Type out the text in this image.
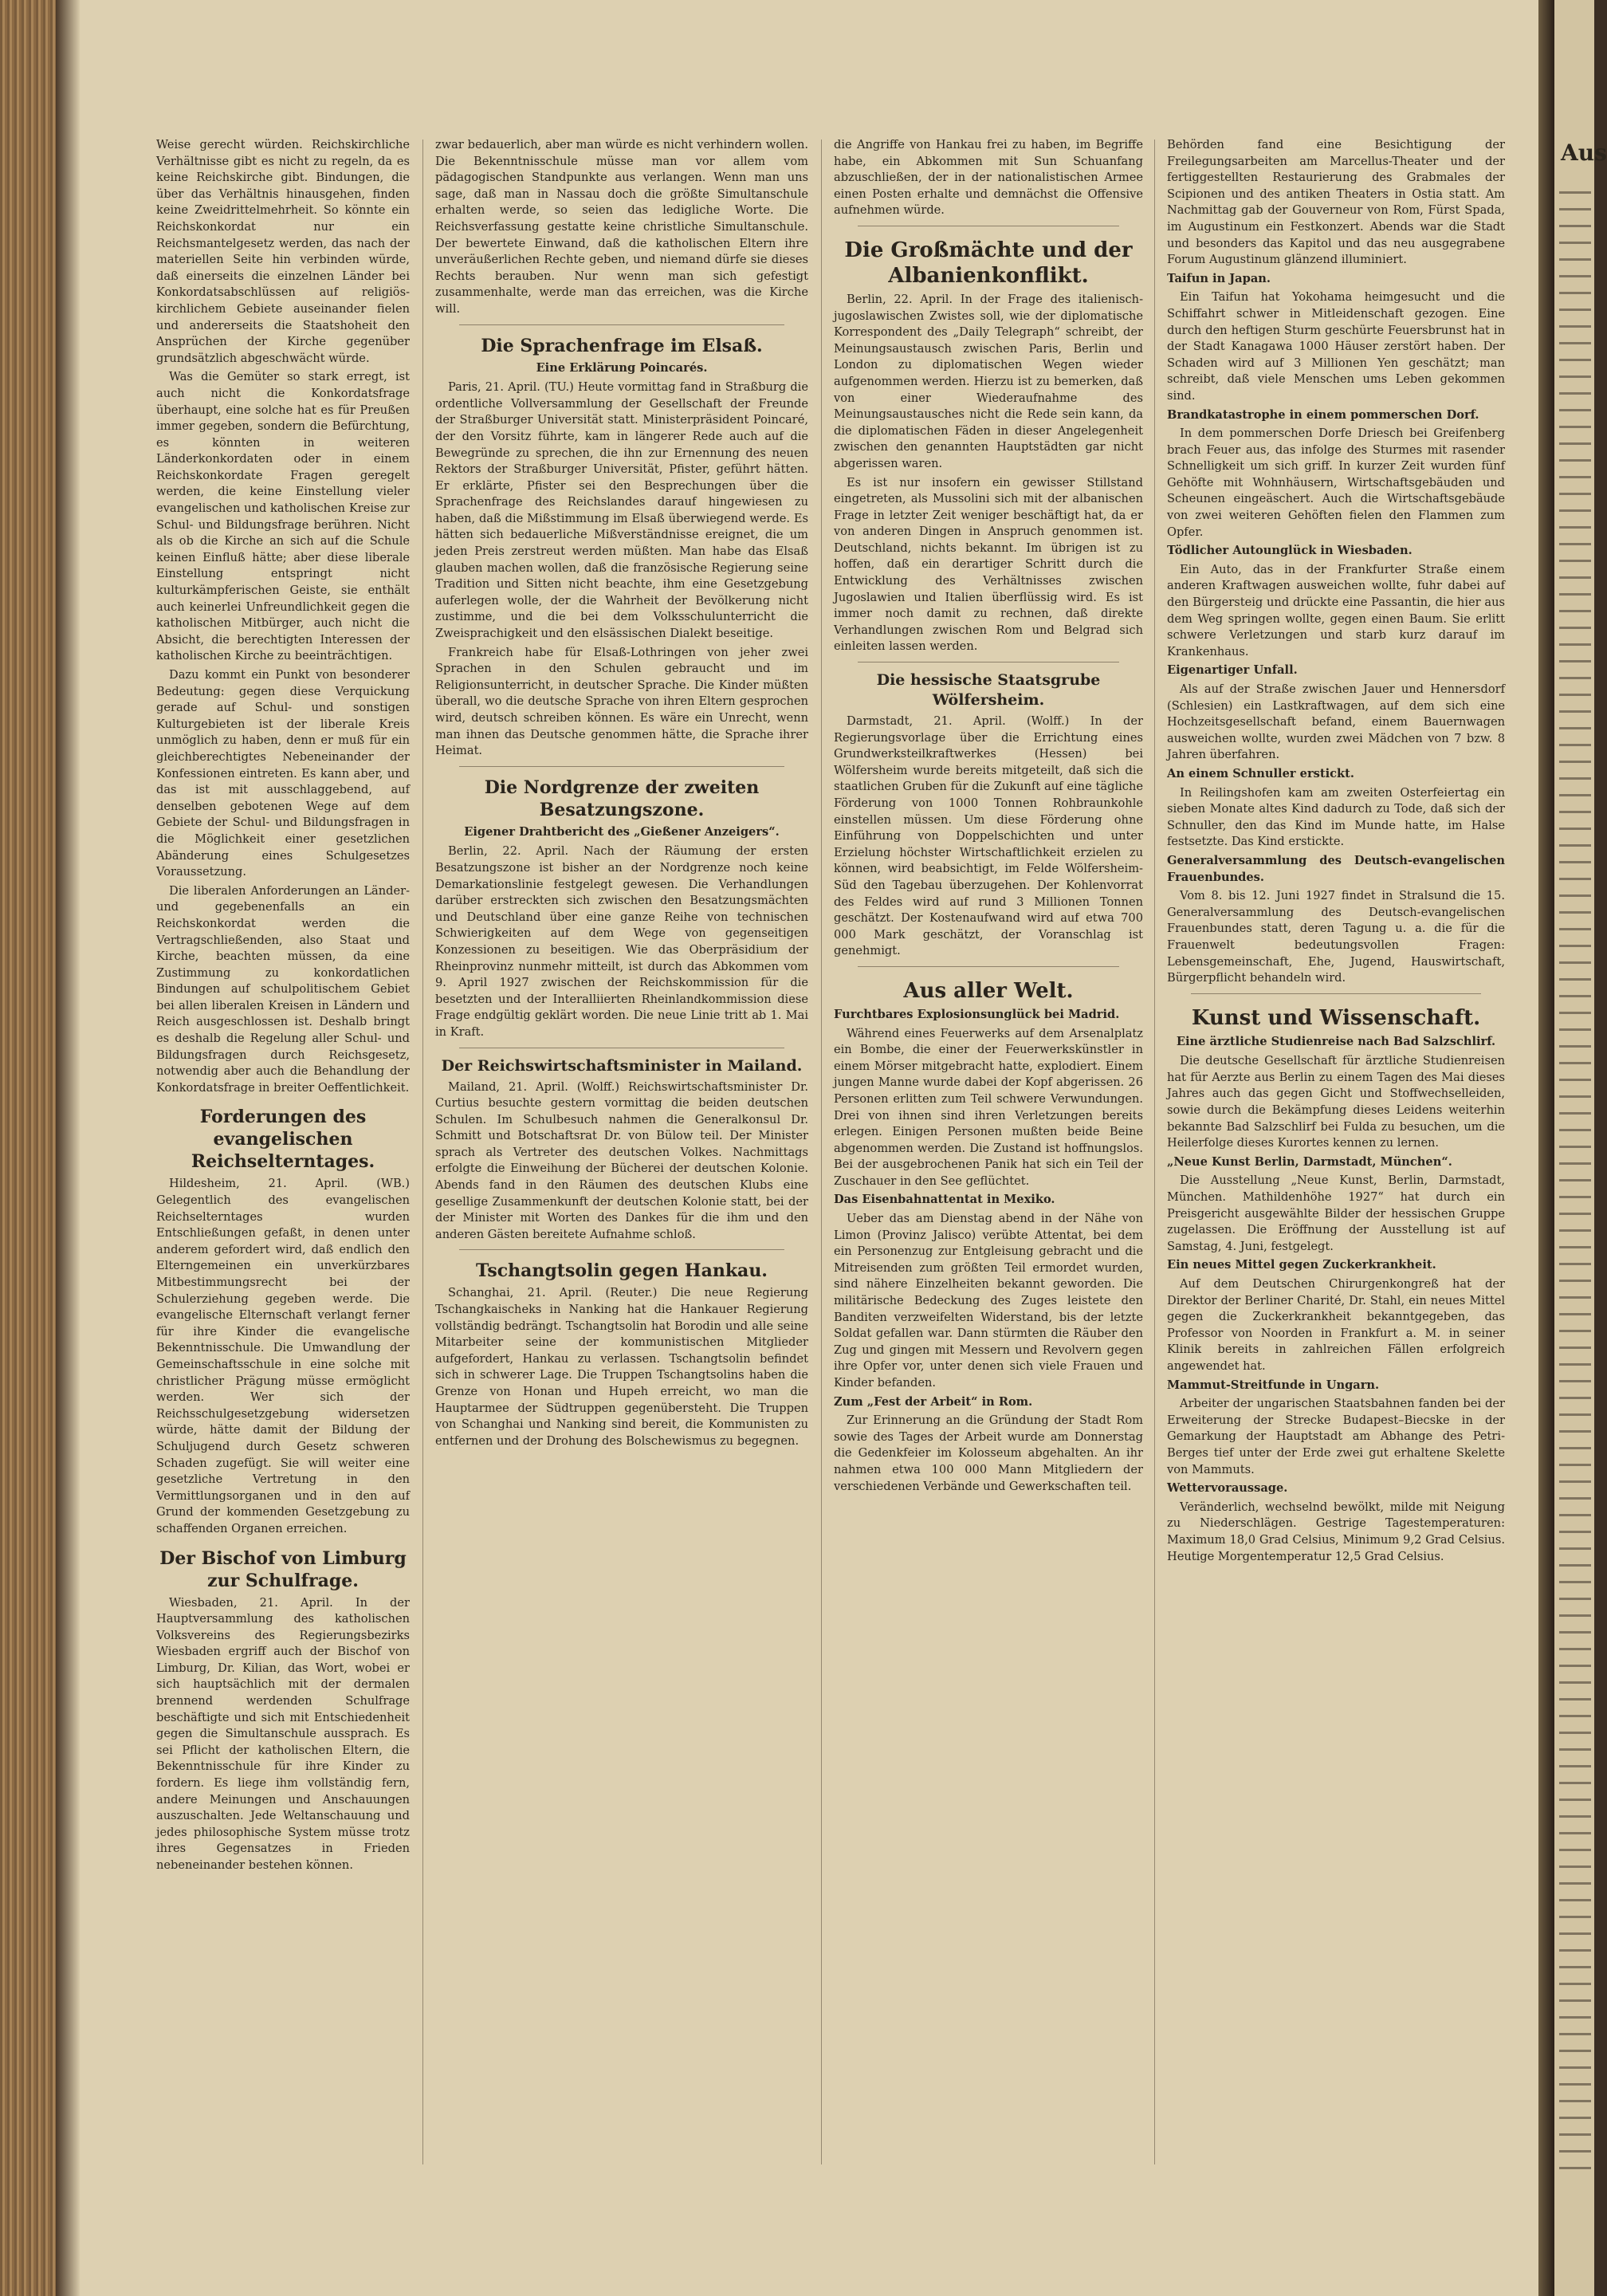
Weise gerecht würden. Reichskirchliche Verhältnisse gibt es nicht zu regeln, da es keine Reichskirche gibt. Bindungen, die über das Verhältnis hinausgehen, finden keine Zweidrittelmehrheit. So könnte ein Reichskonkordat nur ein Reichsmantelgesetz werden, das nach der materiellen Seite hin verbinden würde, daß einerseits die einzelnen Länder bei Konkordatsabschlüssen auf religiös-kirchlichem Gebiete auseinander fielen und andererseits die Staatshoheit den Ansprüchen der Kirche gegenüber grundsätzlich abgeschwächt würde.

Was die Gemüter so stark erregt, ist auch nicht die Konkordatsfrage überhaupt, eine solche hat es für Preußen immer gegeben, sondern die Befürchtung, es könnten in weiteren Länderkonkordaten oder in einem Reichskonkordate Fragen geregelt werden, die keine Einstellung vieler evangelischen und katholischen Kreise zur Schul- und Bildungsfrage berühren. Nicht als ob die Kirche an sich auf die Schule keinen Einfluß hätte; aber diese liberale Einstellung entspringt nicht kulturkämpferischen Geiste, sie enthält auch keinerlei Unfreundlichkeit gegen die katholischen Mitbürger, auch nicht die Absicht, die berechtigten Interessen der katholischen Kirche zu beeinträchtigen.

Dazu kommt ein Punkt von besonderer Bedeutung: gegen diese Verquickung gerade auf Schul- und sonstigen Kulturgebieten ist der liberale Kreis unmöglich zu haben, denn er muß für ein gleichberechtigtes Nebeneinander der Konfessionen eintreten. Es kann aber, und das ist mit ausschlaggebend, auf denselben gebotenen Wege auf dem Gebiete der Schul- und Bildungsfragen in die Möglichkeit einer gesetzlichen Abänderung eines Schulgesetzes Voraussetzung.

Die liberalen Anforderungen an Länder- und gegebenenfalls an ein Reichskonkordat werden die Vertragschließenden, also Staat und Kirche, beachten müssen, da eine Zustimmung zu konkordatlichen Bindungen auf schulpolitischem Gebiet bei allen liberalen Kreisen in Ländern und Reich ausgeschlossen ist. Deshalb bringt es deshalb die Regelung aller Schul- und Bildungsfragen durch Reichsgesetz, notwendig aber auch die Behandlung der Konkordatsfrage in breiter Oeffentlichkeit.

Forderungen des evangelischen Reichselterntages.

Hildesheim, 21. April. (WB.) Gelegentlich des evangelischen Reichselterntages wurden Entschließungen gefaßt, in denen unter anderem gefordert wird, daß endlich den Elterngemeinen ein unverkürzbares Mitbestimmungsrecht bei der Schulerziehung gegeben werde. Die evangelische Elternschaft verlangt ferner für ihre Kinder die evangelische Bekenntnisschule. Die Umwandlung der Gemeinschaftsschule in eine solche mit christlicher Prägung müsse ermöglicht werden. Wer sich der Reichsschulgesetzgebung widersetzen würde, hätte damit der Bildung der Schuljugend durch Gesetz schweren Schaden zugefügt. Sie will weiter eine gesetzliche Vertretung in den Vermittlungsorganen und in den auf Grund der kommenden Gesetzgebung zu schaffenden Organen erreichen.

Der Bischof von Limburg zur Schulfrage.

Wiesbaden, 21. April. In der Hauptversammlung des katholischen Volksvereins des Regierungsbezirks Wiesbaden ergriff auch der Bischof von Limburg, Dr. Kilian, das Wort, wobei er sich hauptsächlich mit der dermalen brennend werdenden Schulfrage beschäftigte und sich mit Entschiedenheit gegen die Simultanschule aussprach. Es sei Pflicht der katholischen Eltern, die Bekenntnisschule für ihre Kinder zu fordern. Es liege ihm vollständig fern, andere Meinungen und Anschauungen auszuschalten. Jede Weltanschauung und jedes philosophische System müsse trotz ihres Gegensatzes in Frieden nebeneinander bestehen können.

zwar bedauerlich, aber man würde es nicht verhindern wollen. Die Bekenntnisschule müsse man vor allem vom pädagogischen Standpunkte aus verlangen. Wenn man uns sage, daß man in Nassau doch die größte Simultanschule erhalten werde, so seien das ledigliche Worte. Die Reichsverfassung gestatte keine christliche Simultanschule. Der bewertete Einwand, daß die katholischen Eltern ihre unveräußerlichen Rechte geben, und niemand dürfe sie dieses Rechts berauben. Nur wenn man sich gefestigt zusammenhalte, werde man das erreichen, was die Kirche will.

Die Sprachenfrage im Elsaß.
Eine Erklärung Poincarés.

Paris, 21. April. (TU.) Heute vormittag fand in Straßburg die ordentliche Vollversammlung der Gesellschaft der Freunde der Straßburger Universität statt. Ministerpräsident Poincaré, der den Vorsitz führte, kam in längerer Rede auch auf die Bewegründe zu sprechen, die ihn zur Ernennung des neuen Rektors der Straßburger Universität, Pfister, geführt hätten. Er erklärte, Pfister sei den Besprechungen über die Sprachenfrage des Reichslandes darauf hingewiesen zu haben, daß die Mißstimmung im Elsaß überwiegend werde. Es hätten sich bedauerliche Mißverständnisse ereignet, die um jeden Preis zerstreut werden müßten. Man habe das Elsaß glauben machen wollen, daß die französische Regierung seine Tradition und Sitten nicht beachte, ihm eine Gesetzgebung auferlegen wolle, der die Wahrheit der Bevölkerung nicht zustimme, und die bei dem Volksschulunterricht die Zweisprachigkeit und den elsässischen Dialekt beseitige.

Frankreich habe für Elsaß-Lothringen von jeher zwei Sprachen in den Schulen gebraucht und im Religionsunterricht, in deutscher Sprache. Die Kinder müßten überall, wo die deutsche Sprache von ihren Eltern gesprochen wird, deutsch schreiben können. Es wäre ein Unrecht, wenn man ihnen das Deutsche genommen hätte, die Sprache ihrer Heimat.

Die Nordgrenze der zweiten Besatzungszone.
Eigener Drahtbericht des „Gießener Anzeigers“.

Berlin, 22. April. Nach der Räumung der ersten Besatzungszone ist bisher an der Nordgrenze noch keine Demarkationslinie festgelegt gewesen. Die Verhandlungen darüber erstreckten sich zwischen den Besatzungsmächten und Deutschland über eine ganze Reihe von technischen Schwierigkeiten auf dem Wege von gegenseitigen Konzessionen zu beseitigen. Wie das Oberpräsidium der Rheinprovinz nunmehr mitteilt, ist durch das Abkommen vom 9. April 1927 zwischen der Reichskommission für die besetzten und der Interalliierten Rheinlandkommission diese Frage endgültig geklärt worden. Die neue Linie tritt ab 1. Mai in Kraft.

Der Reichswirtschaftsminister in Mailand.

Mailand, 21. April. (Wolff.) Reichswirtschaftsminister Dr. Curtius besuchte gestern vormittag die beiden deutschen Schulen. Im Schulbesuch nahmen die Generalkonsul Dr. Schmitt und Botschaftsrat Dr. von Bülow teil. Der Minister sprach als Vertreter des deutschen Volkes. Nachmittags erfolgte die Einweihung der Bücherei der deutschen Kolonie. Abends fand in den Räumen des deutschen Klubs eine gesellige Zusammenkunft der deutschen Kolonie statt, bei der der Minister mit Worten des Dankes für die ihm und den anderen Gästen bereitete Aufnahme schloß.

Tschangtsolin gegen Hankau.

Schanghai, 21. April. (Reuter.) Die neue Regierung Tschangkaischeks in Nanking hat die Hankauer Regierung vollständig bedrängt. Tschangtsolin hat Borodin und alle seine Mitarbeiter seine der kommunistischen Mitglieder aufgefordert, Hankau zu verlassen. Tschangtsolin befindet sich in schwerer Lage. Die Truppen Tschangtsolins haben die Grenze von Honan und Hupeh erreicht, wo man die Hauptarmee der Südtruppen gegenübersteht. Die Truppen von Schanghai und Nanking sind bereit, die Kommunisten zu entfernen und der Drohung des Bolschewismus zu begegnen.

die Angriffe von Hankau frei zu haben, im Begriffe habe, ein Abkommen mit Sun Schuanfang abzuschließen, der in der nationalistischen Armee einen Posten erhalte und demnächst die Offensive aufnehmen würde.

Die Großmächte und der Albanienkonflikt.

Berlin, 22. April. In der Frage des italienisch-jugoslawischen Zwistes soll, wie der diplomatische Korrespondent des „Daily Telegraph“ schreibt, der Meinungsaustausch zwischen Paris, Berlin und London zu diplomatischen Wegen wieder aufgenommen werden. Hierzu ist zu bemerken, daß von einer Wiederaufnahme des Meinungsaustausches nicht die Rede sein kann, da die diplomatischen Fäden in dieser Angelegenheit zwischen den genannten Hauptstädten gar nicht abgerissen waren.

Es ist nur insofern ein gewisser Stillstand eingetreten, als Mussolini sich mit der albanischen Frage in letzter Zeit weniger beschäftigt hat, da er von anderen Dingen in Anspruch genommen ist. Deutschland, nichts bekannt. Im übrigen ist zu hoffen, daß ein derartiger Schritt durch die Entwicklung des Verhältnisses zwischen Jugoslawien und Italien überflüssig wird. Es ist immer noch damit zu rechnen, daß direkte Verhandlungen zwischen Rom und Belgrad sich einleiten lassen werden.

Die hessische Staatsgrube Wölfersheim.

Darmstadt, 21. April. (Wolff.) In der Regierungsvorlage über die Errichtung eines Grundwerksteilkraftwerkes (Hessen) bei Wölfersheim wurde bereits mitgeteilt, daß sich die staatlichen Gruben für die Zukunft auf eine tägliche Förderung von 1000 Tonnen Rohbraunkohle einstellen müssen. Um diese Förderung ohne Einführung von Doppelschichten und unter Erzielung höchster Wirtschaftlichkeit erzielen zu können, wird beabsichtigt, im Felde Wölfersheim-Süd den Tagebau überzugehen. Der Kohlenvorrat des Feldes wird auf rund 3 Millionen Tonnen geschätzt. Der Kostenaufwand wird auf etwa 700 000 Mark geschätzt, der Voranschlag ist genehmigt.

Aus aller Welt.

Furchtbares Explosionsunglück bei Madrid.

Während eines Feuerwerks auf dem Arsenalplatz ein Bombe, die einer der Feuerwerkskünstler in einem Mörser mitgebracht hatte, explodiert. Einem jungen Manne wurde dabei der Kopf abgerissen. 26 Personen erlitten zum Teil schwere Verwundungen. Drei von ihnen sind ihren Verletzungen bereits erlegen. Einigen Personen mußten beide Beine abgenommen werden. Die Zustand ist hoffnungslos. Bei der ausgebrochenen Panik hat sich ein Teil der Zuschauer in den See geflüchtet.

Das Eisenbahnattentat in Mexiko.

Ueber das am Dienstag abend in der Nähe von Limon (Provinz Jalisco) verübte Attentat, bei dem ein Personenzug zur Entgleisung gebracht und die Mitreisenden zum größten Teil ermordet wurden, sind nähere Einzelheiten bekannt geworden. Die militärische Bedeckung des Zuges leistete den Banditen verzweifelten Widerstand, bis der letzte Soldat gefallen war. Dann stürmten die Räuber den Zug und gingen mit Messern und Revolvern gegen ihre Opfer vor, unter denen sich viele Frauen und Kinder befanden.

Zum „Fest der Arbeit“ in Rom.

Zur Erinnerung an die Gründung der Stadt Rom sowie des Tages der Arbeit wurde am Donnerstag die Gedenkfeier im Kolosseum abgehalten. An ihr nahmen etwa 100 000 Mann Mitgliedern der verschiedenen Verbände und Gewerkschaften teil.

Behörden fand eine Besichtigung der Freilegungsarbeiten am Marcellus-Theater und der fertiggestellten Restaurierung des Grabmales der Scipionen und des antiken Theaters in Ostia statt. Am Nachmittag gab der Gouverneur von Rom, Fürst Spada, im Augustinum ein Festkonzert. Abends war die Stadt und besonders das Kapitol und das neu ausgegrabene Forum Augustinum glänzend illuminiert.

Taifun in Japan.

Ein Taifun hat Yokohama heimgesucht und die Schiffahrt schwer in Mitleidenschaft gezogen. Eine durch den heftigen Sturm geschürte Feuersbrunst hat in der Stadt Kanagawa 1000 Häuser zerstört haben. Der Schaden wird auf 3 Millionen Yen geschätzt; man schreibt, daß viele Menschen ums Leben gekommen sind.

Brandkatastrophe in einem pommerschen Dorf.

In dem pommerschen Dorfe Driesch bei Greifenberg brach Feuer aus, das infolge des Sturmes mit rasender Schnelligkeit um sich griff. In kurzer Zeit wurden fünf Gehöfte mit Wohnhäusern, Wirtschaftsgebäuden und Scheunen eingeäschert. Auch die Wirtschaftsgebäude von zwei weiteren Gehöften fielen den Flammen zum Opfer.

Tödlicher Autounglück in Wiesbaden.

Ein Auto, das in der Frankfurter Straße einem anderen Kraftwagen ausweichen wollte, fuhr dabei auf den Bürgersteig und drückte eine Passantin, die hier aus dem Weg springen wollte, gegen einen Baum. Sie erlitt schwere Verletzungen und starb kurz darauf im Krankenhaus.

Eigenartiger Unfall.

Als auf der Straße zwischen Jauer und Hennersdorf (Schlesien) ein Lastkraftwagen, auf dem sich eine Hochzeitsgesellschaft befand, einem Bauernwagen ausweichen wollte, wurden zwei Mädchen von 7 bzw. 8 Jahren überfahren.

An einem Schnuller erstickt.

In Reilingshofen kam am zweiten Osterfeiertag ein sieben Monate altes Kind dadurch zu Tode, daß sich der Schnuller, den das Kind im Munde hatte, im Halse festsetzte. Das Kind erstickte.

Generalversammlung des Deutsch-evangelischen Frauenbundes.

Vom 8. bis 12. Juni 1927 findet in Stralsund die 15. Generalversammlung des Deutsch-evangelischen Frauenbundes statt, deren Tagung u. a. die für die Frauenwelt bedeutungsvollen Fragen: Lebensgemeinschaft, Ehe, Jugend, Hauswirtschaft, Bürgerpflicht behandeln wird.

Kunst und Wissenschaft.
Eine ärztliche Studienreise nach Bad Salzschlirf.

Die deutsche Gesellschaft für ärztliche Studienreisen hat für Aerzte aus Berlin zu einem Tagen des Mai dieses Jahres auch das gegen Gicht und Stoffwechselleiden, sowie durch die Bekämpfung dieses Leidens weiterhin bekannte Bad Salzschlirf bei Fulda zu besuchen, um die Heilerfolge dieses Kurortes kennen zu lernen.

„Neue Kunst Berlin, Darmstadt, München“.

Die Ausstellung „Neue Kunst, Berlin, Darmstadt, München. Mathildenhöhe 1927“ hat durch ein Preisgericht ausgewählte Bilder der hessischen Gruppe zugelassen. Die Eröffnung der Ausstellung ist auf Samstag, 4. Juni, festgelegt.

Ein neues Mittel gegen Zuckerkrankheit.

Auf dem Deutschen Chirurgenkongreß hat der Direktor der Berliner Charité, Dr. Stahl, ein neues Mittel gegen die Zuckerkrankheit bekanntgegeben, das Professor von Noorden in Frankfurt a. M. in seiner Klinik bereits in zahlreichen Fällen erfolgreich angewendet hat.

Mammut-Streitfunde in Ungarn.

Arbeiter der ungarischen Staatsbahnen fanden bei der Erweiterung der Strecke Budapest–Biecske in der Gemarkung der Hauptstadt am Abhange des Petri-Berges tief unter der Erde zwei gut erhaltene Skelette von Mammuts.

Wettervoraussage.

Veränderlich, wechselnd bewölkt, milde mit Neigung zu Niederschlägen. Gestrige Tagestemperaturen: Maximum 18,0 Grad Celsius, Minimum 9,2 Grad Celsius. Heutige Morgentemperatur 12,5 Grad Celsius.

Aus
